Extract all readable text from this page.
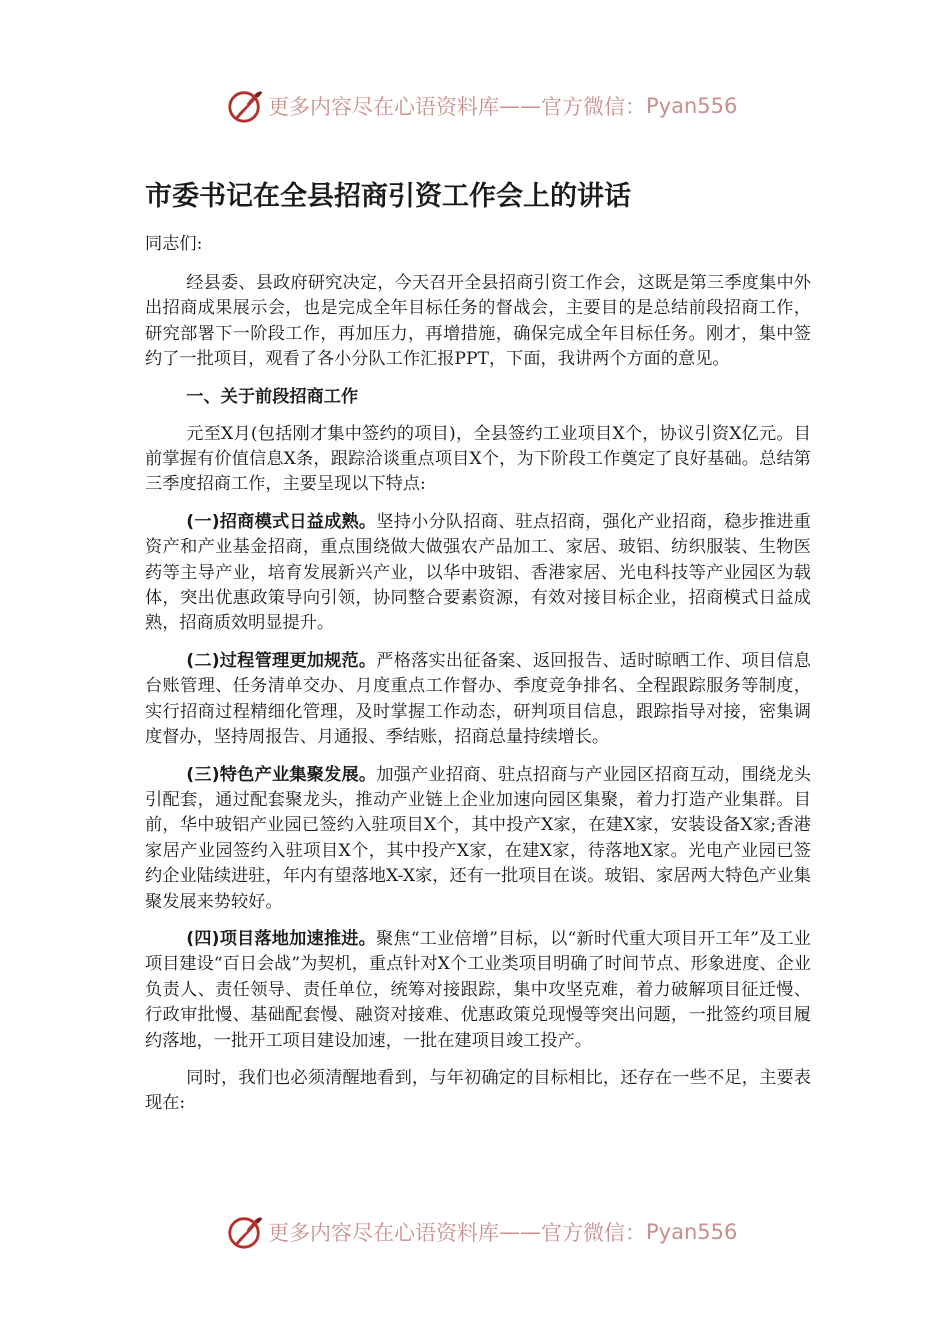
更多内容尽在心语资料库 —— 官方微信： Pyan556
市委书记在全县招商引资工作会上的讲话
同志们:

经县委、县政府研究决定，今天召开全县招商引资工作会，这既是第三季度集中外出招商成果展示会，也是完成全年目标任务的督战会，主要目的是总结前段招商工作，研究部署下一阶段工作，再加压力，再增措施，确保完成全年目标任务。刚才，集中签约了一批项目，观看了各小分队工作汇报PPT，下面，我讲两个方面的意见。

一、关于前段招商工作

元至X月(包括刚才集中签约的项目)，全县签约工业项目X个，协议引资X亿元。目前掌握有价值信息X条，跟踪洽谈重点项目X个，为下阶段工作奠定了良好基础。总结第三季度招商工作，主要呈现以下特点:

(一)招商模式日益成熟。坚持小分队招商、驻点招商，强化产业招商，稳步推进重资产和产业基金招商，重点围绕做大做强农产品加工、家居、玻铝、纺织服装、生物医药等主导产业，培育发展新兴产业，以华中玻铝、香港家居、光电科技等产业园区为载体，突出优惠政策导向引领，协同整合要素资源，有效对接目标企业，招商模式日益成熟，招商质效明显提升。

(二)过程管理更加规范。严格落实出征备案、返回报告、适时晾晒工作、项目信息台账管理、任务清单交办、月度重点工作督办、季度竞争排名、全程跟踪服务等制度，实行招商过程精细化管理，及时掌握工作动态，研判项目信息，跟踪指导对接，密集调度督办，坚持周报告、月通报、季结账，招商总量持续增长。

(三)特色产业集聚发展。加强产业招商、驻点招商与产业园区招商互动，围绕龙头引配套，通过配套聚龙头，推动产业链上企业加速向园区集聚，着力打造产业集群。目前，华中玻铝产业园已签约入驻项目X个，其中投产X家，在建X家，安装设备X家;香港家居产业园签约入驻项目X个，其中投产X家，在建X家，待落地X家。光电产业园已签约企业陆续进驻，年内有望落地X-X家，还有一批项目在谈。玻铝、家居两大特色产业集聚发展来势较好。

(四)项目落地加速推进。聚焦“工业倍增”目标，以“新时代重大项目开工年”及工业项目建设“百日会战”为契机，重点针对X个工业类项目明确了时间节点、形象进度、企业负责人、责任领导、责任单位，统筹对接跟踪，集中攻坚克难，着力破解项目征迁慢、行政审批慢、基础配套慢、融资对接难、优惠政策兑现慢等突出问题，一批签约项目履约落地，一批开工项目建设加速，一批在建项目竣工投产。

同时，我们也必须清醒地看到，与年初确定的目标相比，还存在一些不足，主要表现在:

更多内容尽在心语资料库 —— 官方微信： Pyan556
